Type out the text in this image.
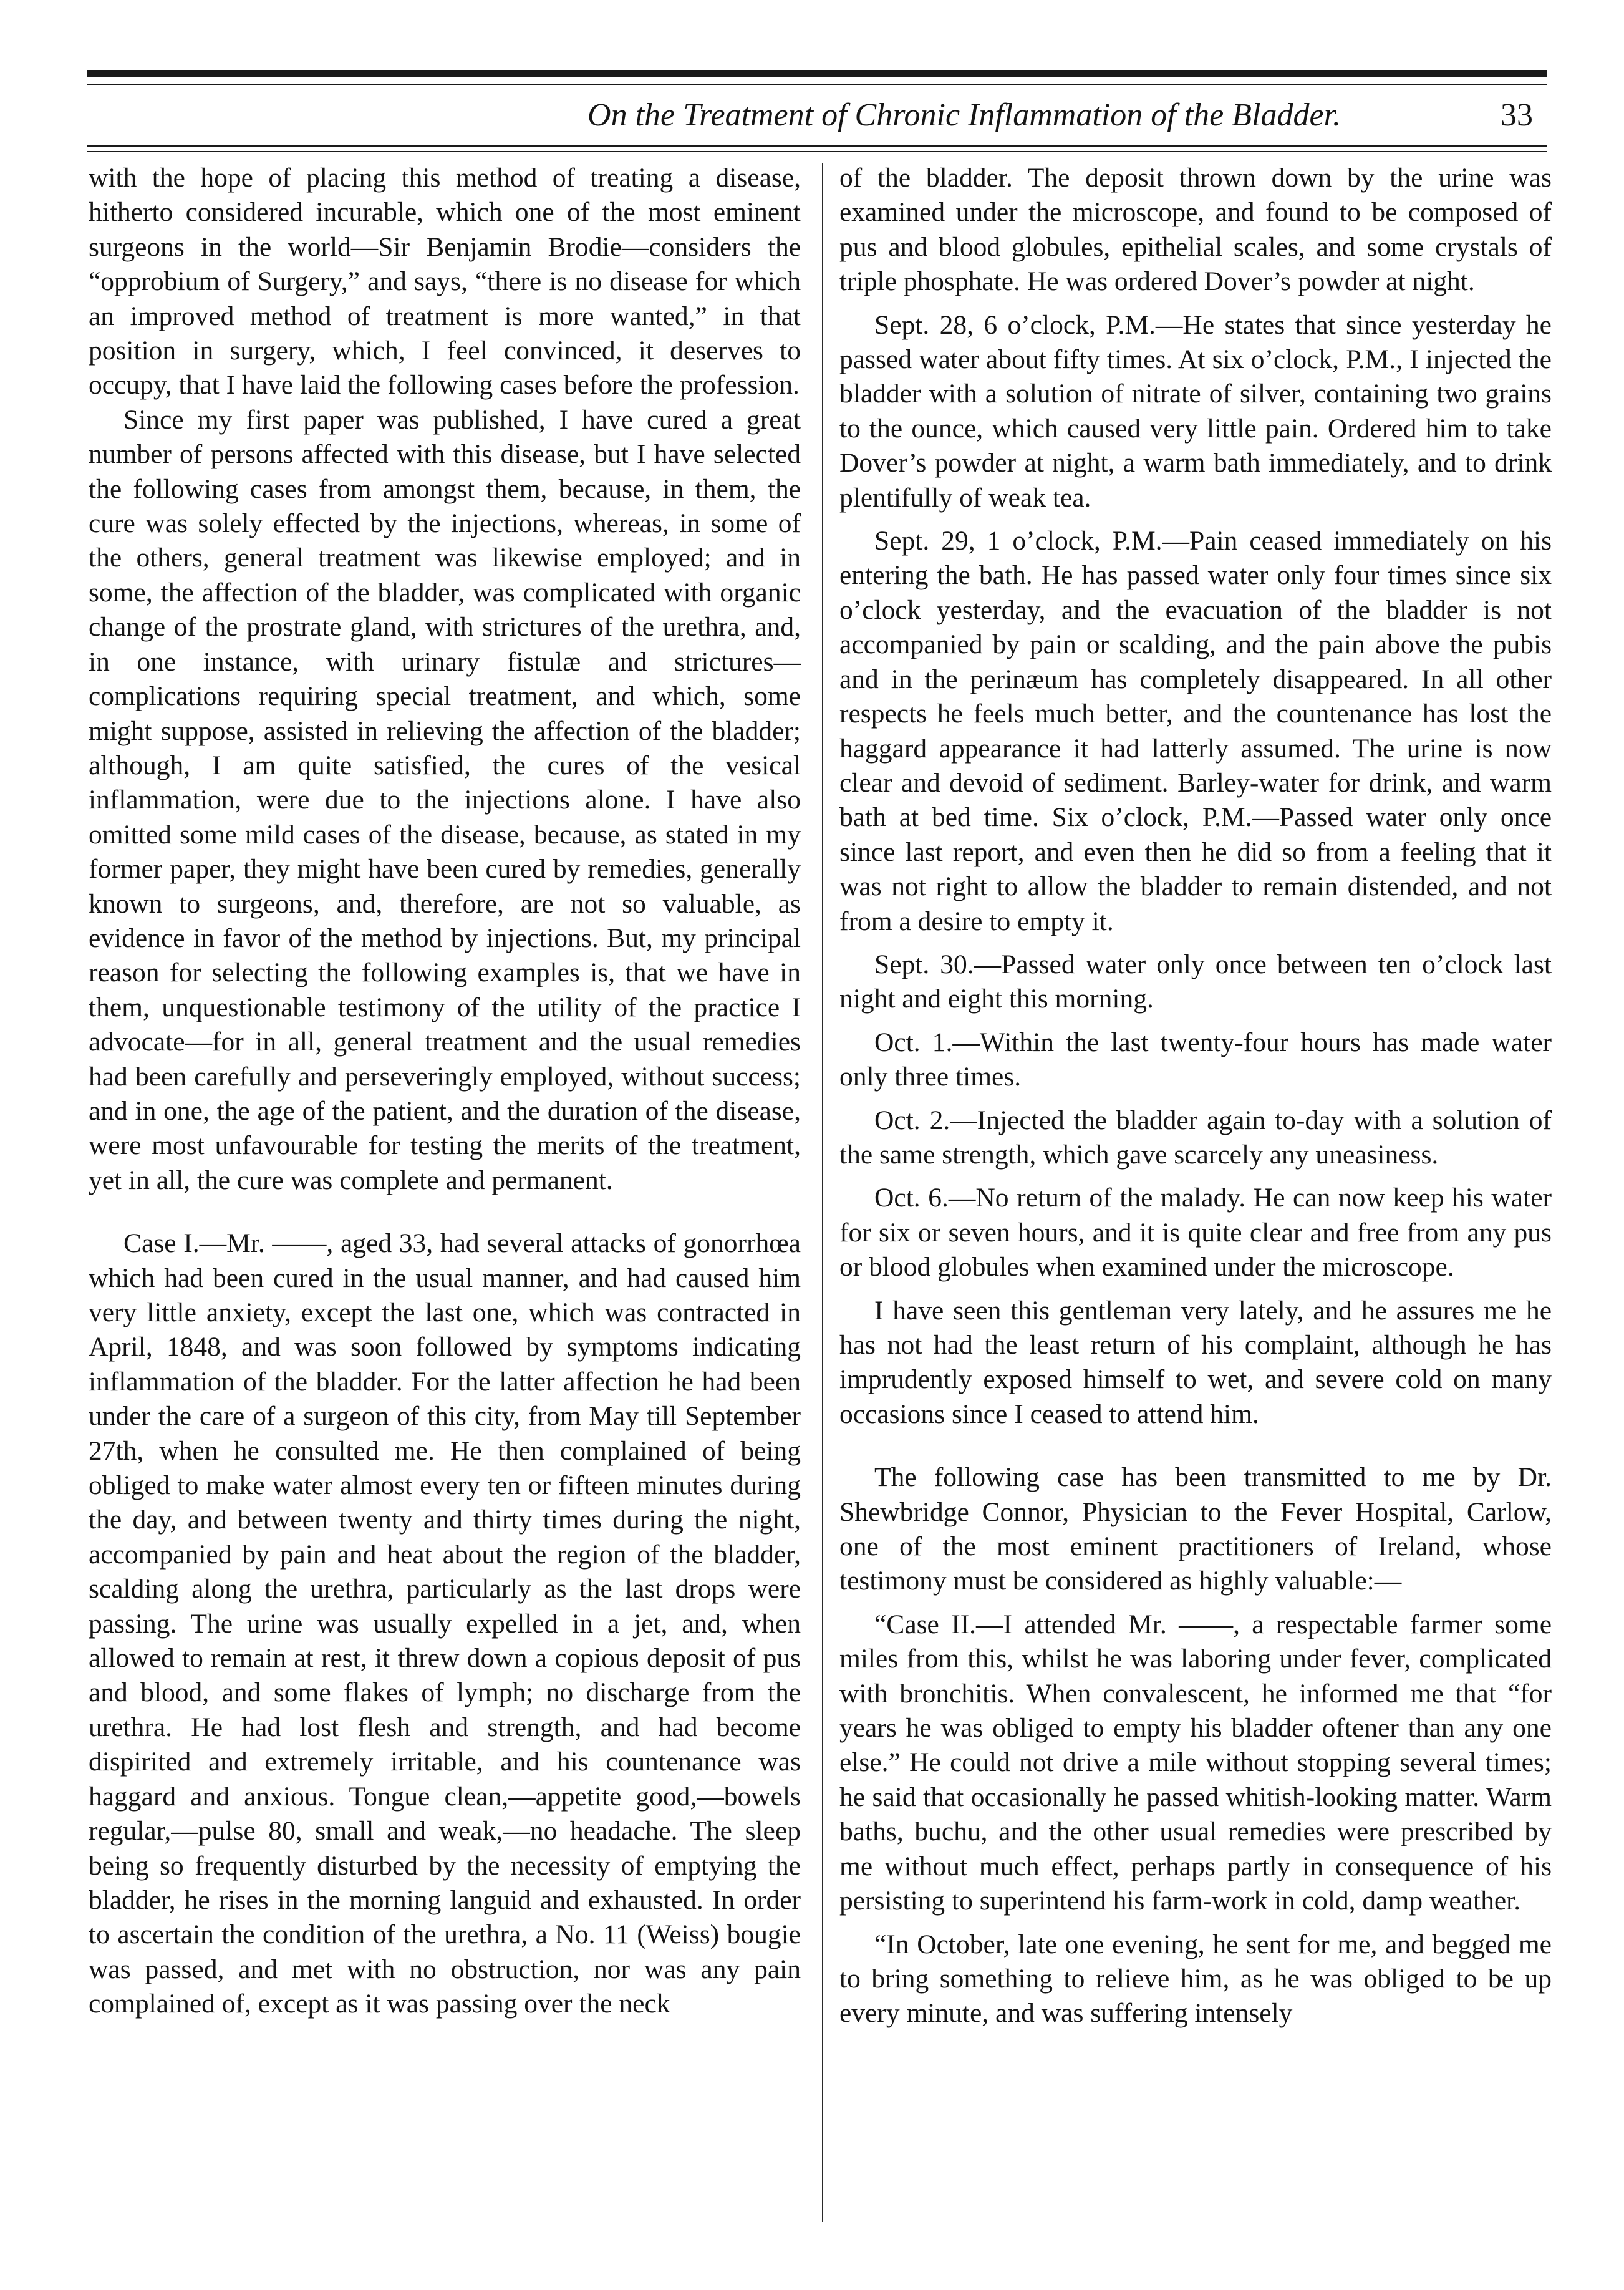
On the Treatment of Chronic Inflammation of the Bladder.	33

with the hope of placing this method of treating a disease, hitherto considered incurable, which one of the most eminent surgeons in the world—Sir Benjamin Brodie—considers the “opprobium of Surgery,” and says, “there is no disease for which an improved method of treatment is more wanted,” in that position in surgery, which, I feel convinced, it deserves to occupy, that I have laid the following cases before the profession.

Since my first paper was published, I have cured a great number of persons affected with this disease, but I have selected the following cases from amongst them, because, in them, the cure was solely effected by the injections, whereas, in some of the others, general treatment was likewise employed; and in some, the affection of the bladder, was complicated with organic change of the prostrate gland, with strictures of the urethra, and, in one instance, with urinary fistulæ and strictures—complications requiring special treatment, and which, some might suppose, assisted in relieving the affection of the bladder; although, I am quite satisfied, the cures of the vesical inflammation, were due to the injections alone. I have also omitted some mild cases of the disease, because, as stated in my former paper, they might have been cured by remedies, generally known to surgeons, and, therefore, are not so valuable, as evidence in favor of the method by injections. But, my principal reason for selecting the following examples is, that we have in them, unquestionable testimony of the utility of the practice I advocate—for in all, general treatment and the usual remedies had been carefully and perseveringly employed, without success; and in one, the age of the patient, and the duration of the disease, were most unfavourable for testing the merits of the treatment, yet in all, the cure was complete and permanent.

Case I.—Mr. ——, aged 33, had several attacks of gonorrhœa which had been cured in the usual manner, and had caused him very little anxiety, except the last one, which was contracted in April, 1848, and was soon followed by symptoms indicating inflammation of the bladder. For the latter affection he had been under the care of a surgeon of this city, from May till September 27th, when he consulted me. He then complained of being obliged to make water almost every ten or fifteen minutes during the day, and between twenty and thirty times during the night, accompanied by pain and heat about the region of the bladder, scalding along the urethra, particularly as the last drops were passing. The urine was usually expelled in a jet, and, when allowed to remain at rest, it threw down a copious deposit of pus and blood, and some flakes of lymph; no discharge from the urethra. He had lost flesh and strength, and had become dispirited and extremely irritable, and his countenance was haggard and anxious. Tongue clean,—appetite good,—bowels regular,—pulse 80, small and weak,—no headache. The sleep being so frequently disturbed by the necessity of emptying the bladder, he rises in the morning languid and exhausted. In order to ascertain the condition of the urethra, a No. 11 (Weiss) bougie was passed, and met with no obstruction, nor was any pain complained of, except as it was passing over the neck

of the bladder. The deposit thrown down by the urine was examined under the microscope, and found to be composed of pus and blood globules, epithelial scales, and some crystals of triple phosphate. He was ordered Dover’s powder at night.

Sept. 28, 6 o’clock, P.M.—He states that since yesterday he passed water about fifty times. At six o’clock, P.M., I injected the bladder with a solution of nitrate of silver, containing two grains to the ounce, which caused very little pain. Ordered him to take Dover’s powder at night, a warm bath immediately, and to drink plentifully of weak tea.

Sept. 29, 1 o’clock, P.M.—Pain ceased immediately on his entering the bath. He has passed water only four times since six o’clock yesterday, and the evacuation of the bladder is not accompanied by pain or scalding, and the pain above the pubis and in the perinæum has completely disappeared. In all other respects he feels much better, and the countenance has lost the haggard appearance it had latterly assumed. The urine is now clear and devoid of sediment. Barley-water for drink, and warm bath at bed time. Six o’clock, P.M.—Passed water only once since last report, and even then he did so from a feeling that it was not right to allow the bladder to remain distended, and not from a desire to empty it.

Sept. 30.—Passed water only once between ten o’clock last night and eight this morning.

Oct. 1.—Within the last twenty-four hours has made water only three times.

Oct. 2.—Injected the bladder again to-day with a solution of the same strength, which gave scarcely any uneasiness.

Oct. 6.—No return of the malady. He can now keep his water for six or seven hours, and it is quite clear and free from any pus or blood globules when examined under the microscope.

I have seen this gentleman very lately, and he assures me he has not had the least return of his complaint, although he has imprudently exposed himself to wet, and severe cold on many occasions since I ceased to attend him.

The following case has been transmitted to me by Dr. Shewbridge Connor, Physician to the Fever Hospital, Carlow, one of the most eminent practitioners of Ireland, whose testimony must be considered as highly valuable:—

“Case II.—I attended Mr. ——, a respectable farmer some miles from this, whilst he was laboring under fever, complicated with bronchitis. When convalescent, he informed me that “for years he was obliged to empty his bladder oftener than any one else.” He could not drive a mile without stopping several times; he said that occasionally he passed whitish-looking matter. Warm baths, buchu, and the other usual remedies were prescribed by me without much effect, perhaps partly in consequence of his persisting to superintend his farm-work in cold, damp weather.

“In October, late one evening, he sent for me, and begged me to bring something to relieve him, as he was obliged to be up every minute, and was suffering intensely
